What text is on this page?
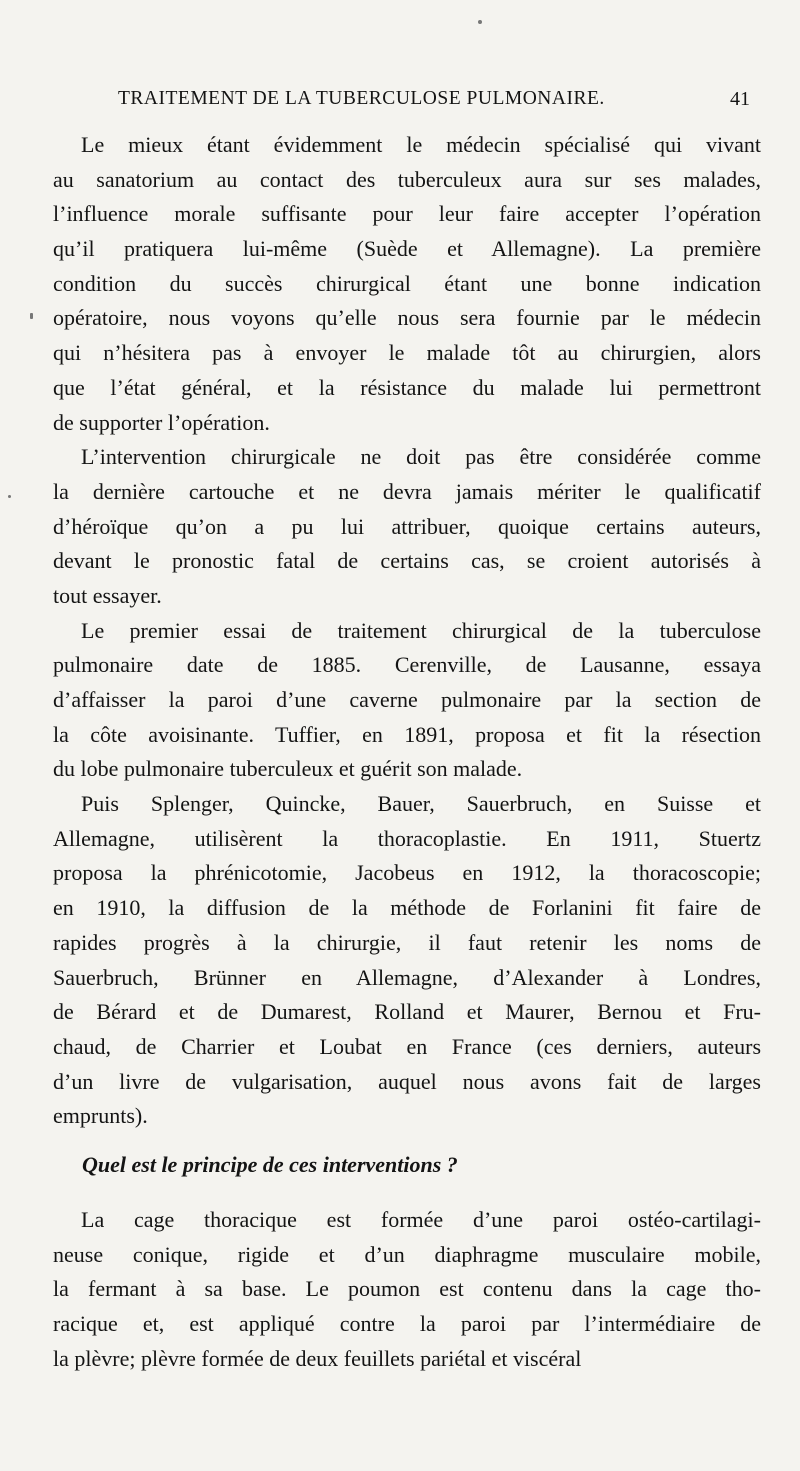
TRAITEMENT DE LA TUBERCULOSE PULMONAIRE.	41
Le mieux étant évidemment le médecin spécialisé qui vivant
au sanatorium au contact des tuberculeux aura sur ses malades,
l’influence morale suffisante pour leur faire accepter l’opération
qu’il pratiquera lui-même (Suède et Allemagne). La première
condition du succès chirurgical étant une bonne indication
opératoire, nous voyons qu’elle nous sera fournie par le médecin
qui n’hésitera pas à envoyer le malade tôt au chirurgien, alors
que l’état général, et la résistance du malade lui permettront
de supporter l’opération.
L’intervention chirurgicale ne doit pas être considérée comme
la dernière cartouche et ne devra jamais mériter le qualificatif
d’héroïque qu’on a pu lui attribuer, quoique certains auteurs,
devant le pronostic fatal de certains cas, se croient autorisés à
tout essayer.
Le premier essai de traitement chirurgical de la tuberculose
pulmonaire date de 1885. Cerenville, de Lausanne, essaya
d’affaisser la paroi d’une caverne pulmonaire par la section de
la côte avoisinante. Tuffier, en 1891, proposa et fit la résection
du lobe pulmonaire tuberculeux et guérit son malade.
Puis Splenger, Quincke, Bauer, Sauerbruch, en Suisse et
Allemagne, utilisèrent la thoracoplastie. En 1911, Stuertz
proposa la phrénicotomie, Jacobeus en 1912, la thoracoscopie;
en 1910, la diffusion de la méthode de Forlanini fit faire de
rapides progrès à la chirurgie, il faut retenir les noms de
Sauerbruch, Brünner en Allemagne, d’Alexander à Londres,
de Bérard et de Dumarest, Rolland et Maurer, Bernou et Fru-
chaud, de Charrier et Loubat en France (ces derniers, auteurs
d’un livre de vulgarisation, auquel nous avons fait de larges
emprunts).
Quel est le principe de ces interventions ?
La cage thoracique est formée d’une paroi ostéo-cartilagi-
neuse conique, rigide et d’un diaphragme musculaire mobile,
la fermant à sa base. Le poumon est contenu dans la cage tho-
racique et, est appliqué contre la paroi par l’intermédiaire de
la plèvre; plèvre formée de deux feuillets pariétal et viscéral
